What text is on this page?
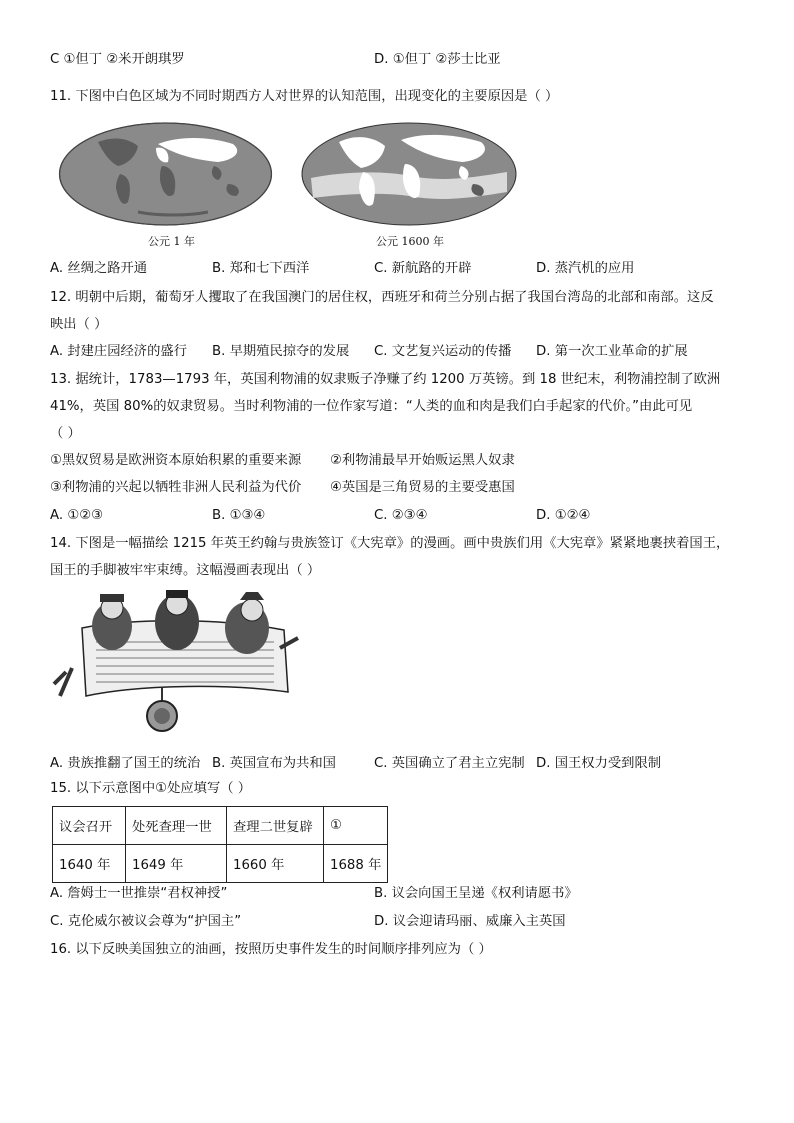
C ①但丁 ②米开朗琪罗	D. ①但丁 ②莎士比亚
11. 下图中白色区域为不同时期西方人对世界的认知范围，出现变化的主要原因是（ ）
公元 1 年	公元 1600 年
A. 丝绸之路开通	B. 郑和七下西洋	C. 新航路的开辟	D. 蒸汽机的应用
12. 明朝中后期，葡萄牙人攫取了在我国澳门的居住权，西班牙和荷兰分别占据了我国台湾岛的北部和南部。这反
映出（ ）
A. 封建庄园经济的盛行 B. 早期殖民掠夺的发展 C. 文艺复兴运动的传播 D. 第一次工业革命的扩展
13. 据统计，1783—1793 年，英国利物浦的奴隶贩子净赚了约 1200 万英镑。到 18 世纪末，利物浦控制了欧洲
41%，英国 80%的奴隶贸易。当时利物浦的一位作家写道：“人类的血和肉是我们白手起家的代价。”由此可见
（ ）
①黑奴贸易是欧洲资本原始积累的重要来源 ②利物浦最早开始贩运黑人奴隶
③利物浦的兴起以牺牲非洲人民利益为代价 ④英国是三角贸易的主要受惠国
A. ①②③	B. ①③④	C. ②③④	D. ①②④
14. 下图是一幅描绘 1215 年英王约翰与贵族签订《大宪章》的漫画。画中贵族们用《大宪章》紧紧地裹挟着国王，
国王的手脚被牢牢束缚。这幅漫画表现出（ ）
A. 贵族推翻了国王的统治 B. 英国宣布为共和国	C. 英国确立了君主立宪制 D. 国王权力受到限制
15. 以下示意图中①处应填写（ ）
议会召开	处死查理一世	查理二世复辟	①
1640 年	1649 年	1660 年	1688 年
A. 詹姆士一世推崇“君权神授”	B. 议会向国王呈递《权利请愿书》
C. 克伦威尔被议会尊为“护国主”	D. 议会迎请玛丽、威廉入主英国
16. 以下反映美国独立的油画，按照历史事件发生的时间顺序排列应为（ ）
